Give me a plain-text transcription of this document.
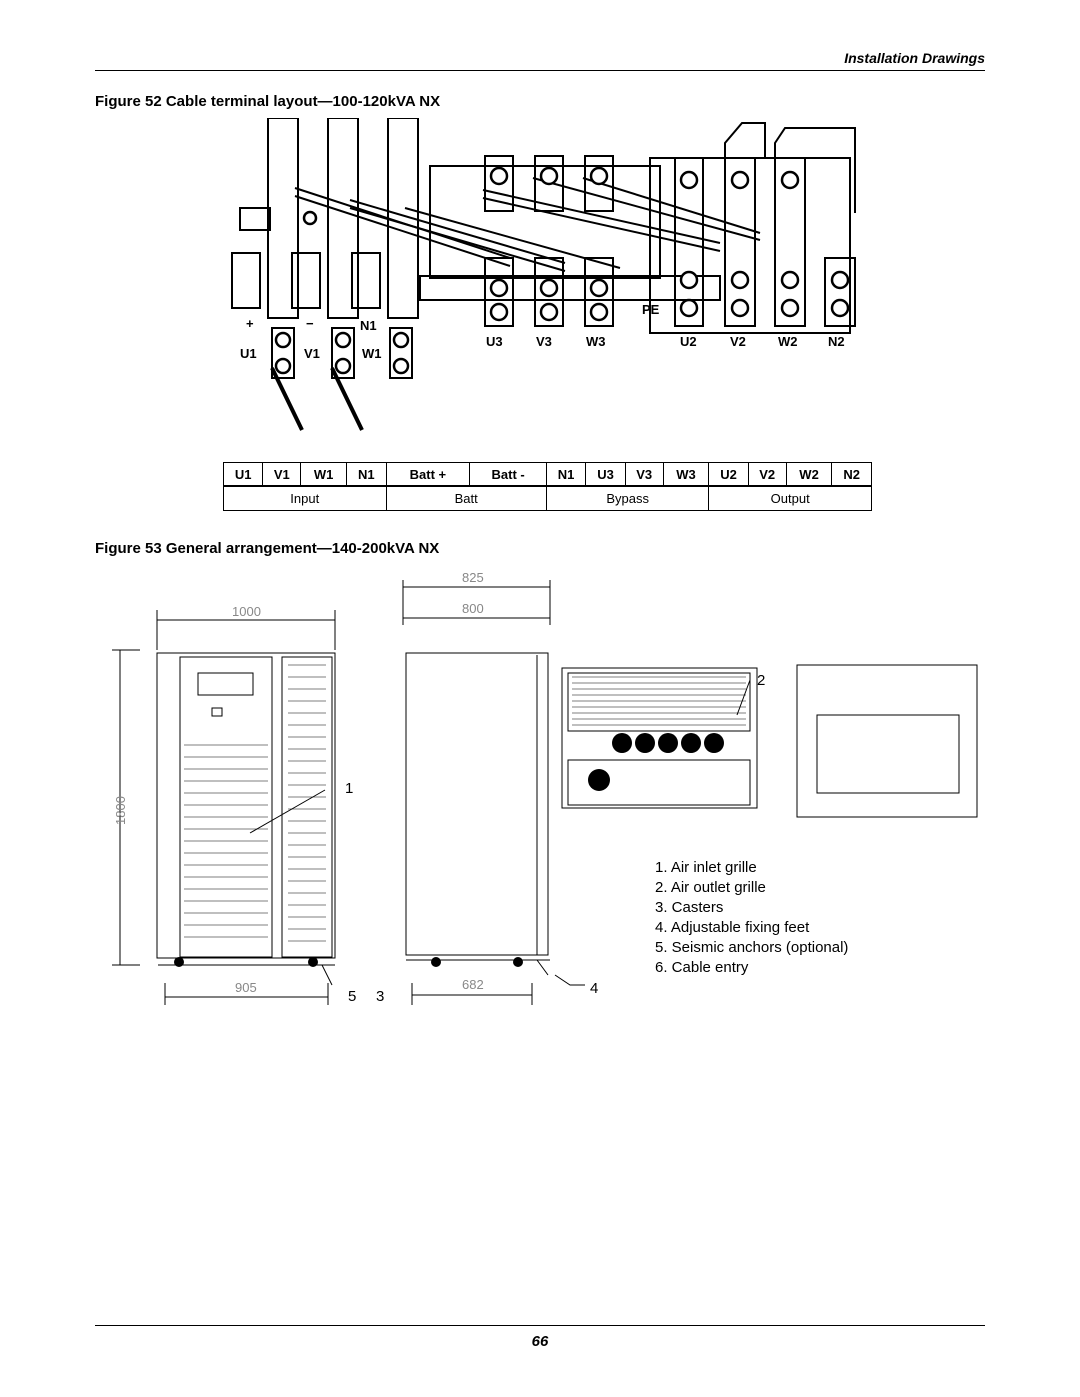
Installation Drawings
Figure 52 Cable terminal layout—100-120kVA NX
+	−	N1
U1	V1	W1
U3	V3	W3
PE
U2	V2 W2 N2
U1	V1	W1	N1	Batt +	Batt -	N1	U3	V3	W3	U2	V2	W2	N2
Input				Batt		Bypass				Output			
Figure 53 General arrangement—140-200kVA NX
1000
825
800
1800
905	682
1
2
5 3	4
1. Air inlet grille
2. Air outlet grille
3. Casters
4. Adjustable fixing feet
5. Seismic anchors (optional)
6. Cable entry
66
